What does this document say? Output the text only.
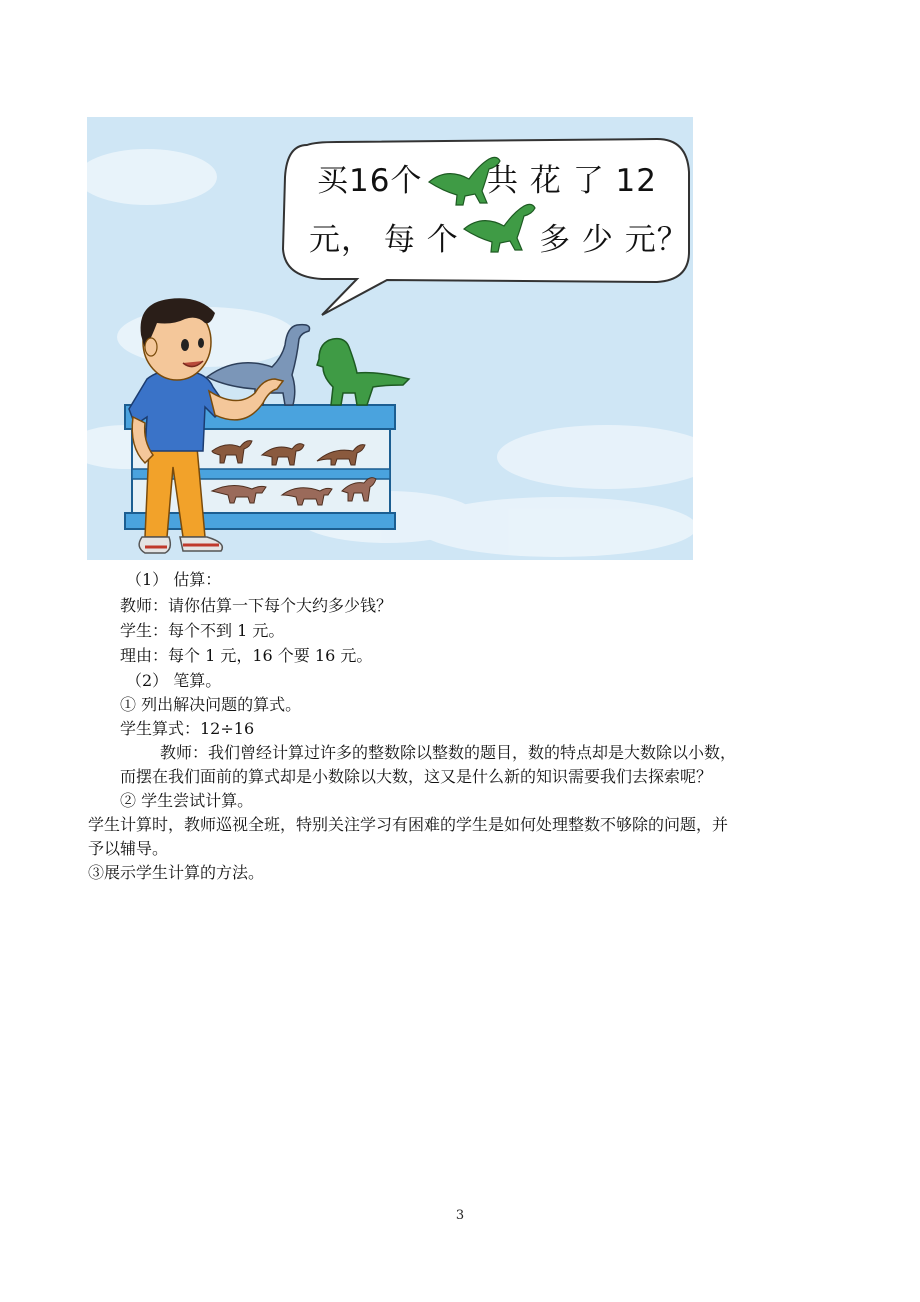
买16个 共 花 了 12
元， 每 个	多 少 元？
（1） 估算：
教师：请你估算一下每个大约多少钱？
学生：每个不到 1 元。
理由：每个 1 元，16 个要 16 元。
（2） 笔算。
① 列出解决问题的算式。
学生算式：12÷16
教师：我们曾经计算过许多的整数除以整数的题目，数的特点却是大数除以小数，
而摆在我们面前的算式却是小数除以大数，这又是什么新的知识需要我们去探索呢？
② 学生尝试计算。
学生计算时，教师巡视全班，特别关注学习有困难的学生是如何处理整数不够除的问题，并
予以辅导。
③展示学生计算的方法。
3
